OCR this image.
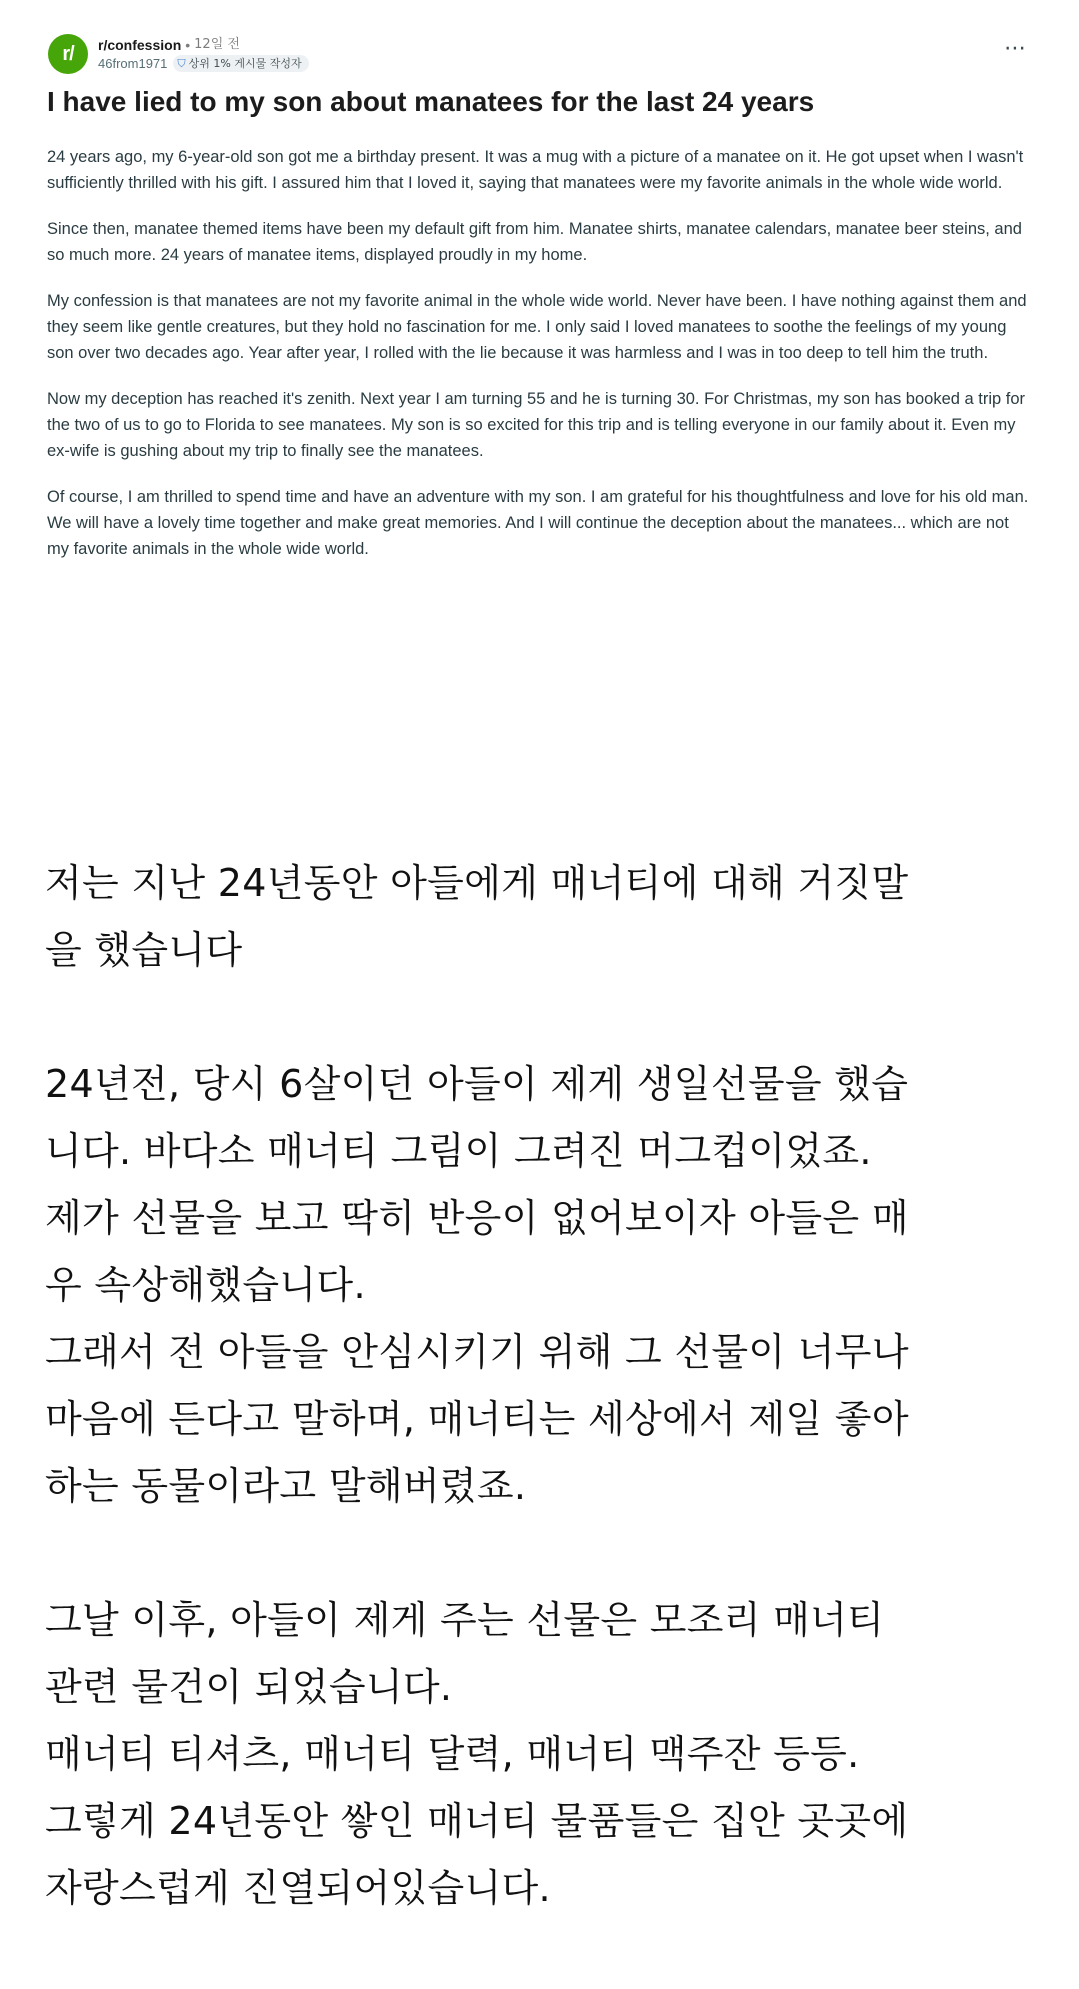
r/	r/confession • 12일 전
46from1971 ⛉ 상위 1% 게시물 작성자
⋯
I have lied to my son about manatees for the last 24 years

24 years ago, my 6-year-old son got me a birthday present. It was a mug with a picture of a manatee on it. He got upset when I wasn't sufficiently thrilled with his gift. I assured him that I loved it, saying that manatees were my favorite animals in the whole wide world.

Since then, manatee themed items have been my default gift from him. Manatee shirts, manatee calendars, manatee beer steins, and so much more. 24 years of manatee items, displayed proudly in my home.

My confession is that manatees are not my favorite animal in the whole wide world. Never have been. I have nothing against them and they seem like gentle creatures, but they hold no fascination for me. I only said I loved manatees to soothe the feelings of my young son over two decades ago. Year after year, I rolled with the lie because it was harmless and I was in too deep to tell him the truth.

Now my deception has reached it's zenith. Next year I am turning 55 and he is turning 30. For Christmas, my son has booked a trip for the two of us to go to Florida to see manatees. My son is so excited for this trip and is telling everyone in our family about it. Even my ex-wife is gushing about my trip to finally see the manatees.

Of course, I am thrilled to spend time and have an adventure with my son. I am grateful for his thoughtfulness and love for his old man. We will have a lovely time together and make great memories. And I will continue the deception about the manatees... which are not my favorite animals in the whole wide world.

저는 지난 24년동안 아들에게 매너티에 대해 거짓말
을 했습니다
24년전, 당시 6살이던 아들이 제게 생일선물을 했습
니다. 바다소 매너티 그림이 그려진 머그컵이었죠.
제가 선물을 보고 딱히 반응이 없어보이자 아들은 매
우 속상해했습니다.
그래서 전 아들을 안심시키기 위해 그 선물이 너무나
마음에 든다고 말하며, 매너티는 세상에서 제일 좋아
하는 동물이라고 말해버렸죠.
그날 이후, 아들이 제게 주는 선물은 모조리 매너티
관련 물건이 되었습니다.
매너티 티셔츠, 매너티 달력, 매너티 맥주잔 등등.
그렇게 24년동안 쌓인 매너티 물품들은 집안 곳곳에
자랑스럽게 진열되어있습니다.
